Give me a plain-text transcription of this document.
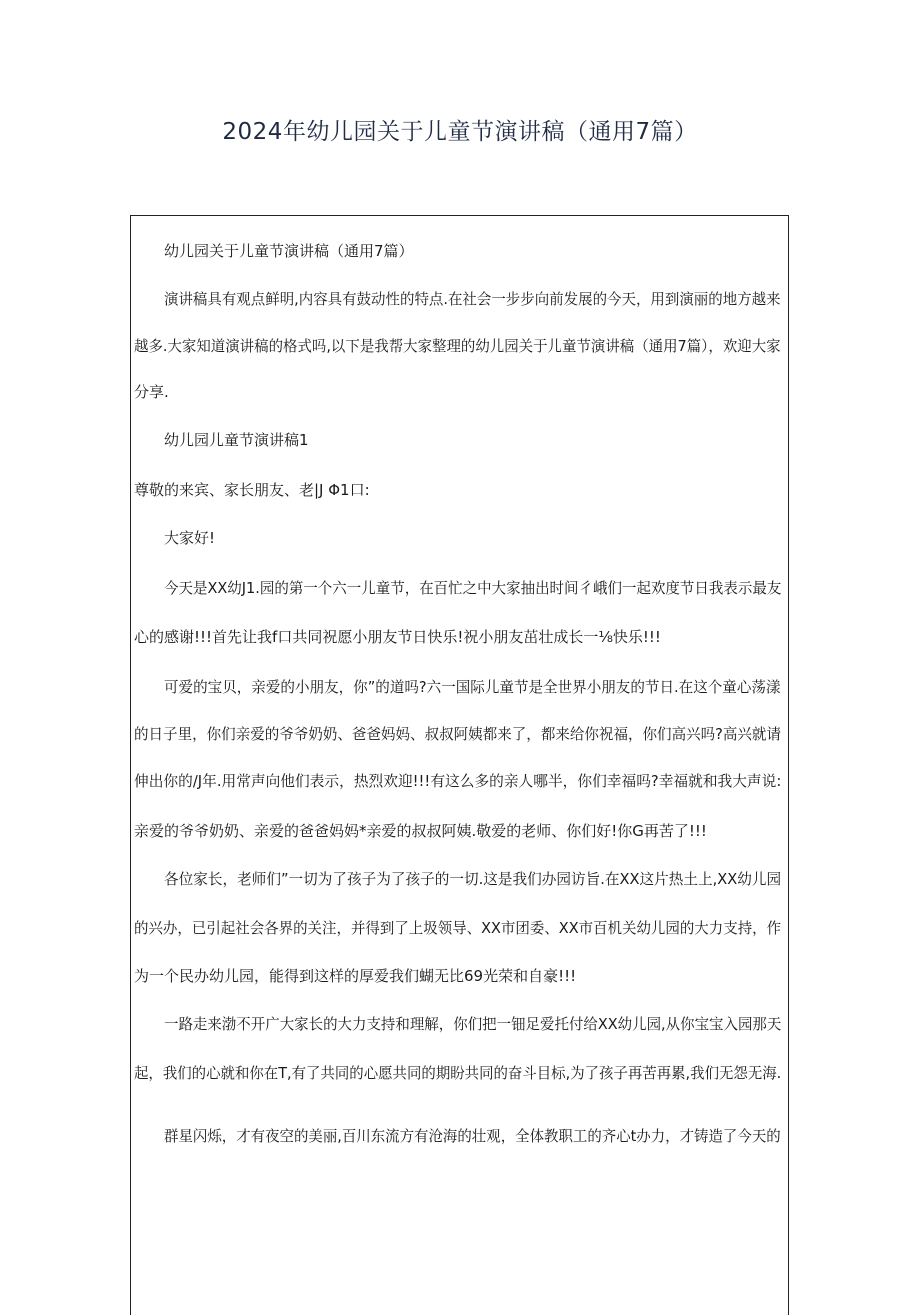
2024年幼儿园关于儿童节演讲稿（通用7篇）
幼儿园关于儿童节演讲稿（通用7篇）
演讲稿具有观点鲜明,内容具有鼓动性的特点.在社会一步步向前发展的今天，用到演丽的地方越来
越多.大家知道演讲稿的格式吗,以下是我帮大家整理的幼儿园关于儿童节演讲稿（通用7篇），欢迎大家
分享.
幼儿园儿童节演讲稿1
尊敬的来宾、家长朋友、老|J Φ1口:
大家好!
今天是XX幼J1.园的第一个六一儿童节，在百忙之中大家抽出时间彳峨们一起欢度节日我表示最友
心的感谢!!!首先让我f口共同祝愿小朋友节日快乐!祝小朋友茁壮成长一⅛快乐!!!
可爱的宝贝，亲爱的小朋友，你”的道吗?六一国际儿童节是全世界小朋友的节日.在这个童心荡漾
的日子里，你们亲爱的爷爷奶奶、爸爸妈妈、叔叔阿姨都来了，都来给你祝福，你们高兴吗?高兴就请
伸出你的/J年.用常声向他们表示，热烈欢迎!!!有这么多的亲人哪半，你们幸福吗?幸福就和我大声说:
亲爱的爷爷奶奶、亲爱的爸爸妈妈*亲爱的叔叔阿姨.敬爱的老师、你们好!你G再苦了!!!
各位家长，老师们”一切为了孩子为了孩子的一切.这是我们办园访旨.在XX这片热土上,XX幼儿园
的兴办，已引起社会各界的关注，并得到了上圾领导、XX市团委、XX市百机关幼儿园的大力支持，作
为一个民办幼儿园，能得到这样的厚爱我们蝴无比69光荣和自豪!!!
一路走来渤不开广大家长的大力支持和理解，你们把一钿足爱托付给XX幼儿园,从你宝宝入园那天
起，我们的心就和你在T,有了共同的心愿共同的期盼共同的奋斗目标,为了孩子再苦再累,我们无怨无海.
群星闪烁，才有夜空的美丽,百川东流方有沧海的壮观，全体教职工的齐心t办力，才铸造了今天的
